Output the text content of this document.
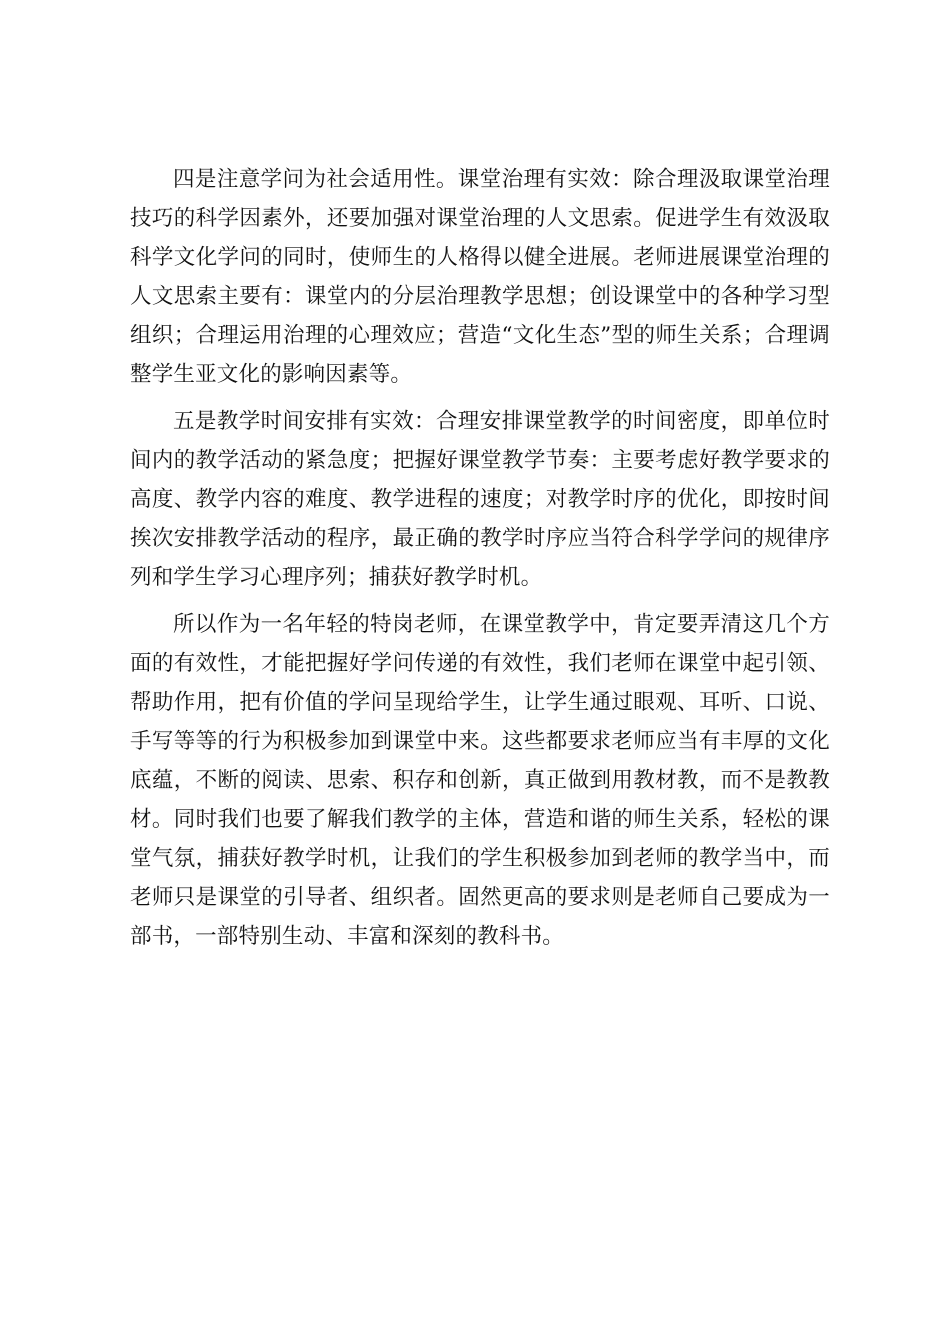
四是注意学问为社会适用性。课堂治理有实效：除合理汲取课堂治理技巧的科学因素外，还要加强对课堂治理的人文思索。促进学生有效汲取科学文化学问的同时，使师生的人格得以健全进展。老师进展课堂治理的人文思索主要有：课堂内的分层治理教学思想；创设课堂中的各种学习型组织；合理运用治理的心理效应；营造“文化生态”型的师生关系；合理调整学生亚文化的影响因素等。

五是教学时间安排有实效：合理安排课堂教学的时间密度，即单位时间内的教学活动的紧急度；把握好课堂教学节奏：主要考虑好教学要求的高度、教学内容的难度、教学进程的速度；对教学时序的优化，即按时间挨次安排教学活动的程序，最正确的教学时序应当符合科学学问的规律序列和学生学习心理序列；捕获好教学时机。

所以作为一名年轻的特岗老师，在课堂教学中，肯定要弄清这几个方面的有效性，才能把握好学问传递的有效性，我们老师在课堂中起引领、帮助作用，把有价值的学问呈现给学生，让学生通过眼观、耳听、口说、手写等等的行为积极参加到课堂中来。这些都要求老师应当有丰厚的文化底蕴，不断的阅读、思索、积存和创新，真正做到用教材教，而不是教教材。同时我们也要了解我们教学的主体，营造和谐的师生关系，轻松的课堂气氛，捕获好教学时机，让我们的学生积极参加到老师的教学当中，而老师只是课堂的引导者、组织者。固然更高的要求则是老师自己要成为一部书，一部特别生动、丰富和深刻的教科书。
